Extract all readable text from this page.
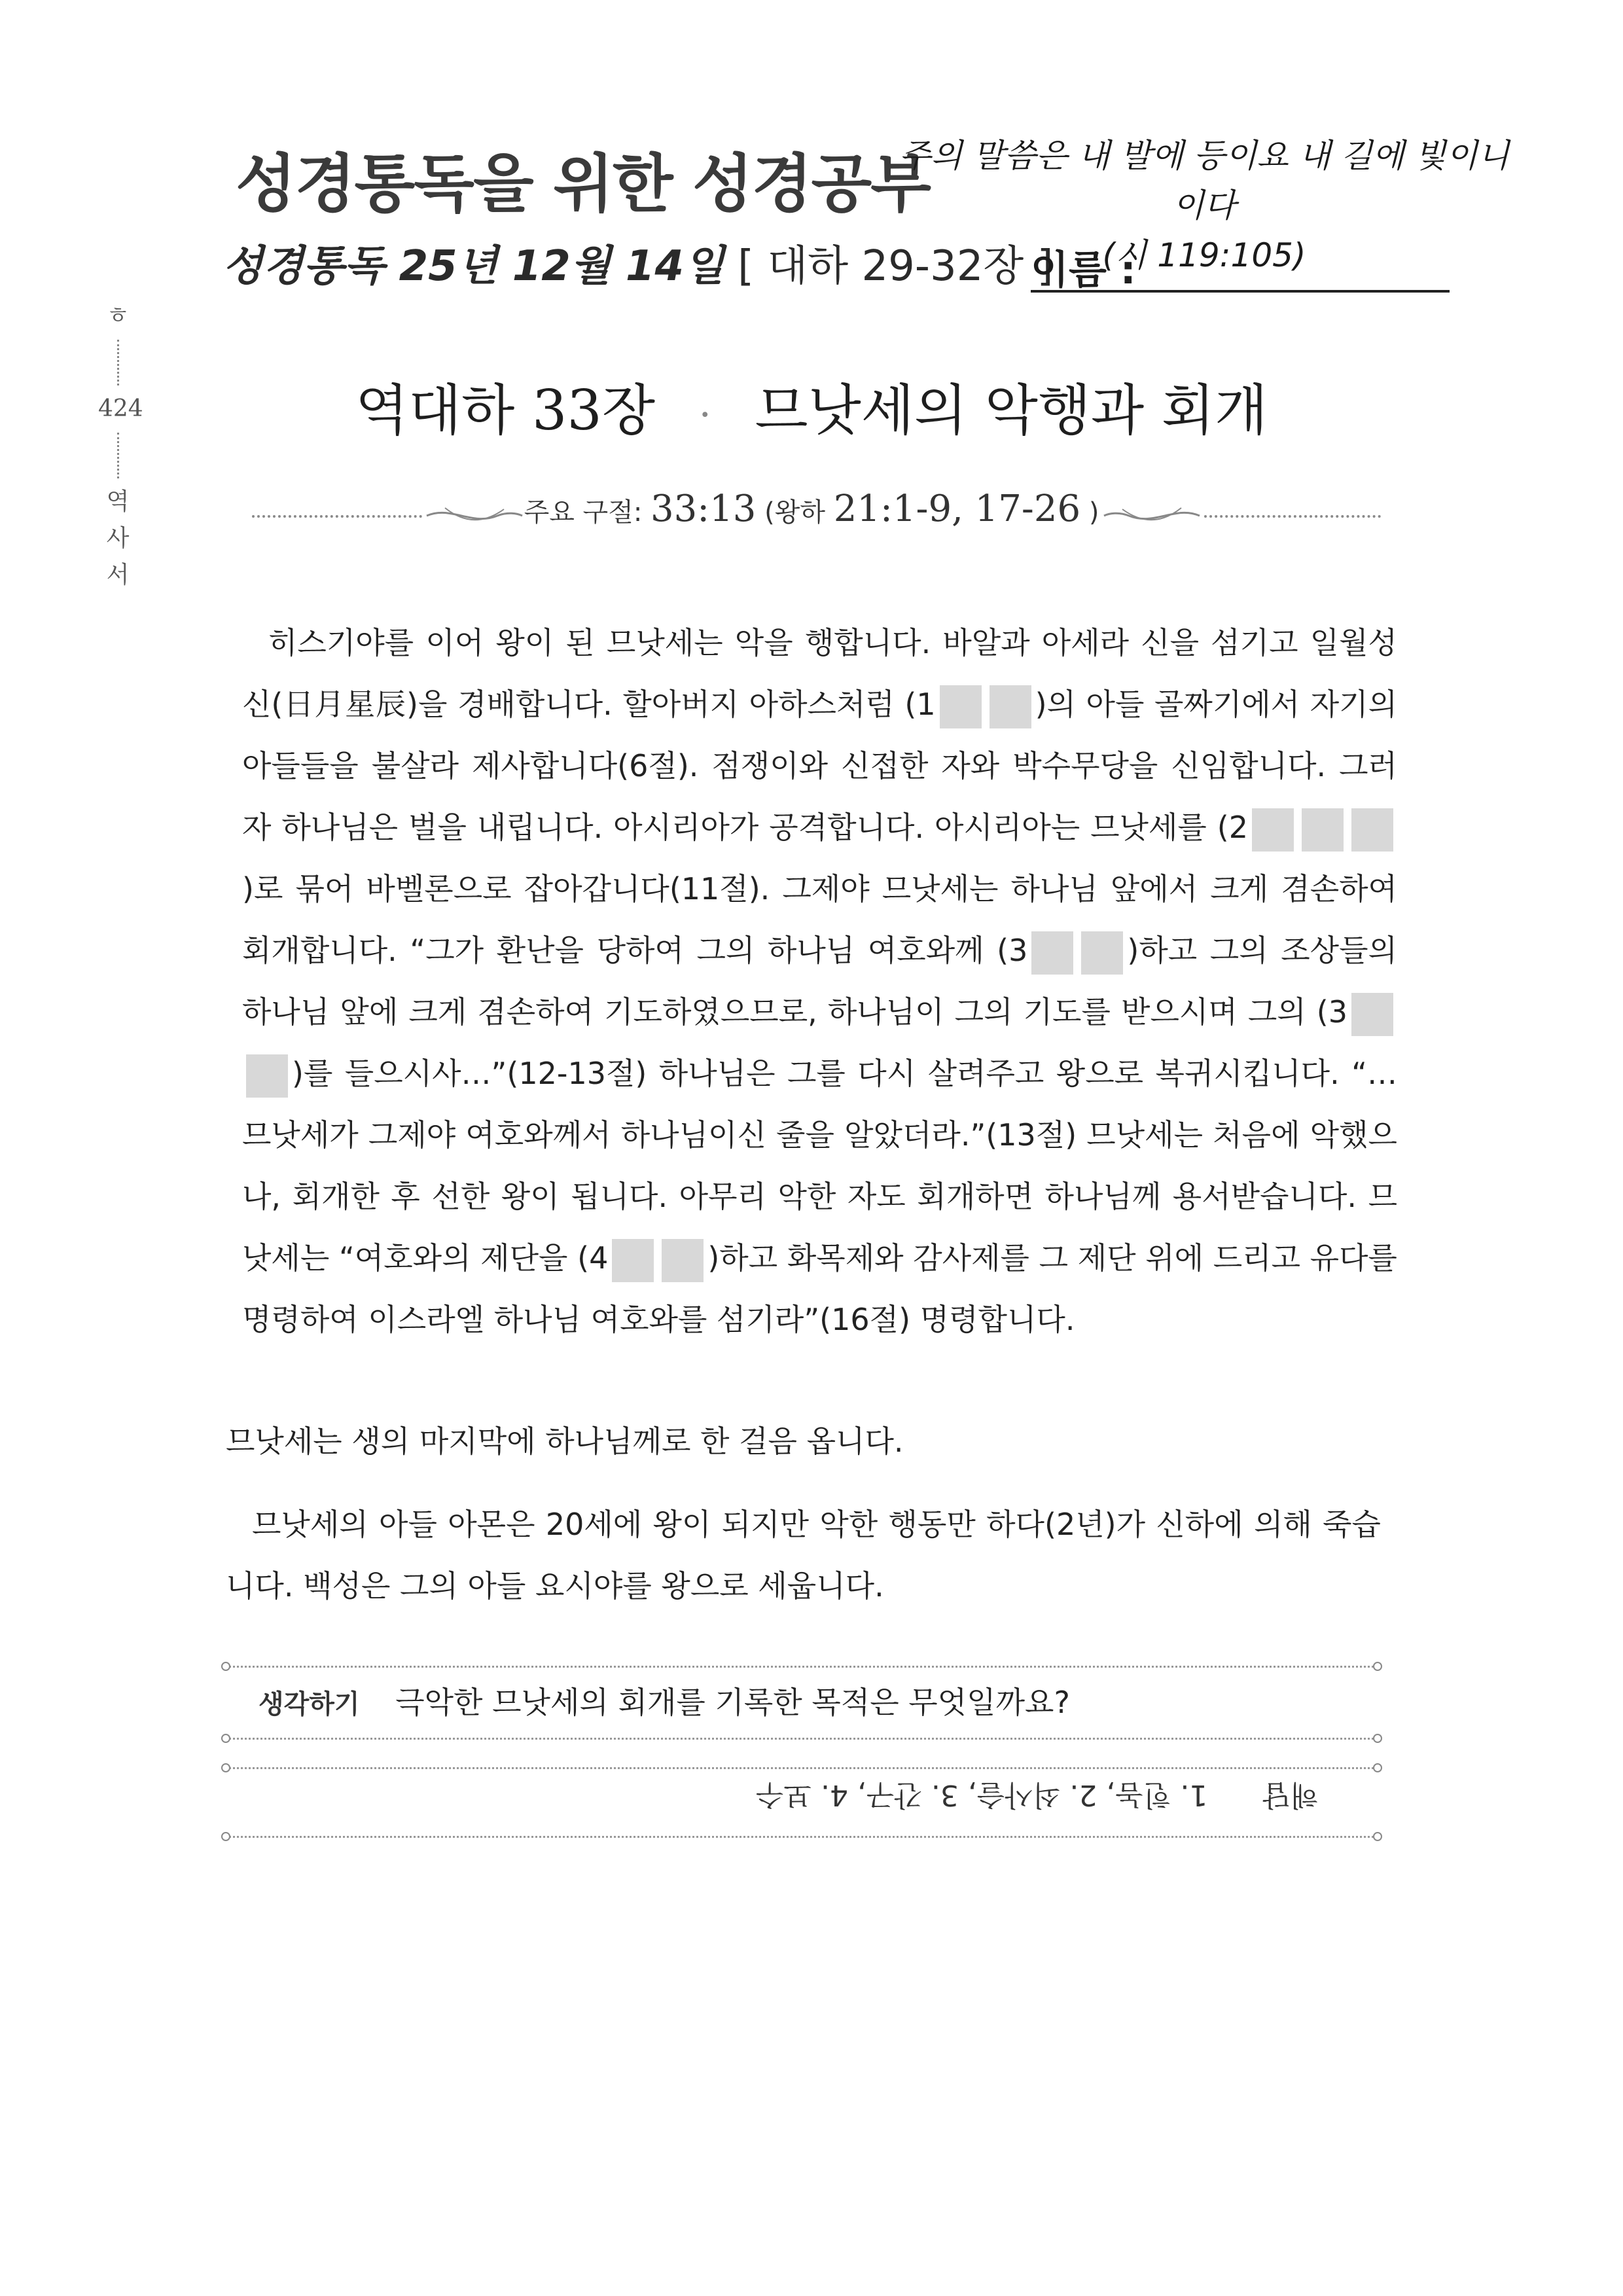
성경통독을 위한 성경공부
주의 말씀은 내 발에 등이요 내 길에 빛이니이다
(시 119:105)
성경통독 25년 12월 14일 [ 대하 29-32장 ]
이름 :
ㅎ
424
역
사
서
역대하 33장 · 므낫세의 악행과 회개
주요 구절: 33:13 (왕하 21:1-9, 17-26 )
히스기야를 이어 왕이 된 므낫세는 악을 행합니다. 바알과 아세라 신을 섬기고 일월성신(日月星辰)을 경배합니다. 할아버지 아하스처럼 (1	)의 아들 골짜기에서 자기의 아들들을 불살라 제사합니다(6절). 점쟁이와 신접한 자와 박수무당을 신임합니다. 그러자 하나님은 벌을 내립니다. 아시리아가 공격합니다. 아시리아는 므낫세를 (2)로 묶어 바벨론으로 잡아갑니다(11절). 그제야 므낫세는 하나님 앞에서 크게 겸손하여 회개합니다. “그가 환난을 당하여 그의 하나님 여호와께 (3	)하고 그의 조상들의 하나님 앞에 크게 겸손하여 기도하였으므로, 하나님이 그의 기도를 받으시며 그의 (3)를 들으시사…”(12-13절) 하나님은 그를 다시 살려주고 왕으로 복귀시킵니다. “…므낫세가 그제야 여호와께서 하나님이신 줄을 알았더라.”(13절) 므낫세는 처음에 악했으나, 회개한 후 선한 왕이 됩니다. 아무리 악한 자도 회개하면 하나님께 용서받습니다. 므낫세는 “여호와의 제단을 (4	)하고 화목제와 감사제를 그 제단 위에 드리고 유다를 명령하여 이스라엘 하나님 여호와를 섬기라”(16절) 명령합니다.
므낫세는 생의 마지막에 하나님께로 한 걸음 옵니다.
므낫세의 아들 아몬은 20세에 왕이 되지만 악한 행동만 하다(2년)가 신하에 의해 죽습니다. 백성은 그의 아들 요시야를 왕으로 세웁니다.
생각하기 극악한 므낫세의 회개를 기록한 목적은 무엇일까요?
해답 1. 힌놈, 2. 쇠사슬, 3. 간구, 4. 보수
